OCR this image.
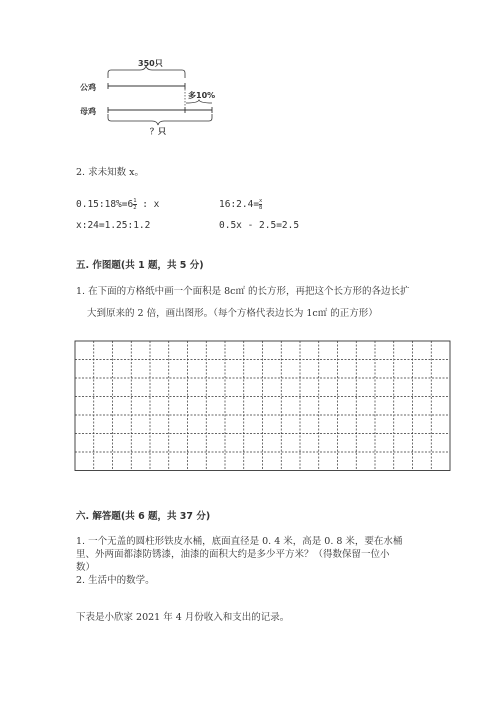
350只
公鸡
母鸡
多10%
？只
2. 求未知数 x。
0.15:18%=6 $\frac{1}{2}$ : x	16:2.4= $\frac{x}{8}$
x:24=1.25:1.2	0.5x - 2.5=2.5
五. 作图题(共 1 题，共 5 分)
1. 在下面的方格纸中画一个面积是 8c㎡ 的长方形，再把这个长方形的各边长扩
大到原来的 2 倍，画出图形。（每个方格代表边长为 1c㎡ 的正方形）
六. 解答题(共 6 题，共 37 分)
1. 一个无盖的圆柱形铁皮水桶，底面直径是 0. 4 米，高是 0. 8 米，要在水桶
里、外两面都漆防锈漆，油漆的面积大约是多少平方米？（得数保留一位小
数）
2. 生活中的数学。
下表是小欣家 2021 年 4 月份收入和支出的记录。
